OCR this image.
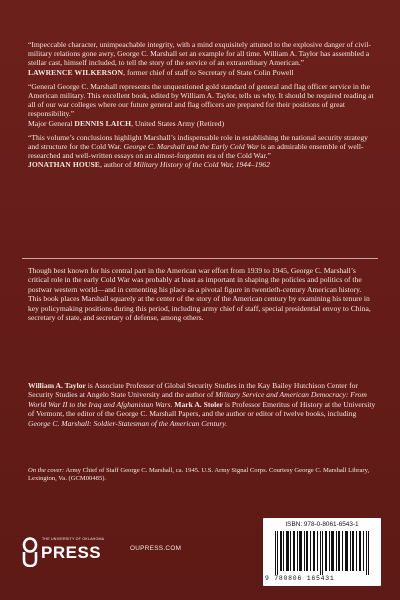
“Impeccable character, unimpeachable integrity, with a mind exquisitely attuned to the explosive danger of civil-military relations gone awry, George C. Marshall set an example for all time. William A. Taylor has assembled a stellar cast, himself included, to tell the story of the service of an extraordinary American.”

LAWRENCE WILKERSON, former chief of staff to Secretary of State Colin Powell

“General George C. Marshall represents the unquestioned gold standard of general and flag officer service in the American military. This excellent book, edited by William A. Taylor, tells us why. It should be required reading at all of our war colleges where our future general and flag officers are prepared for their positions of great responsibility.”

Major General DENNIS LAICH, United States Army (Retired)

“This volume’s conclusions highlight Marshall’s indispensable role in establishing the national security strategy and structure for the Cold War. George C. Marshall and the Early Cold War is an admirable ensemble of well-researched and well-written essays on an almost-forgotten era of the Cold War.”

JONATHAN HOUSE, author of Military History of the Cold War, 1944–1962

Though best known for his central part in the American war effort from 1939 to 1945, George C. Marshall’s critical role in the early Cold War was probably at least as important in shaping the policies and politics of the postwar western world—and in cementing his place as a pivotal figure in twentieth-century American history. This book places Marshall squarely at the center of the story of the American century by examining his tenure in key policymaking positions during this period, including army chief of staff, special presidential envoy to China, secretary of state, and secretary of defense, among others.

William A. Taylor is Associate Professor of Global Security Studies in the Kay Bailey Hutchison Center for Security Studies at Angelo State University and the author of Military Service and American Democracy: From World War II to the Iraq and Afghanistan Wars. Mark A. Stoler is Professor Emeritus of History at the University of Vermont, the editor of the George C. Marshall Papers, and the author or editor of twelve books, including George C. Marshall: Soldier-Statesman of the American Century.

On the cover: Army Chief of Staff George C. Marshall, ca. 1945. U.S. Army Signal Corps. Courtesy George C. Marshall Library, Lexington, Va. (GCM00485).

THE UNIVERSITY OF OKLAHOMA
PRESS	OUPRESS.COM
ISBN: 978-0-8061-6543-1
9 780806 165431
